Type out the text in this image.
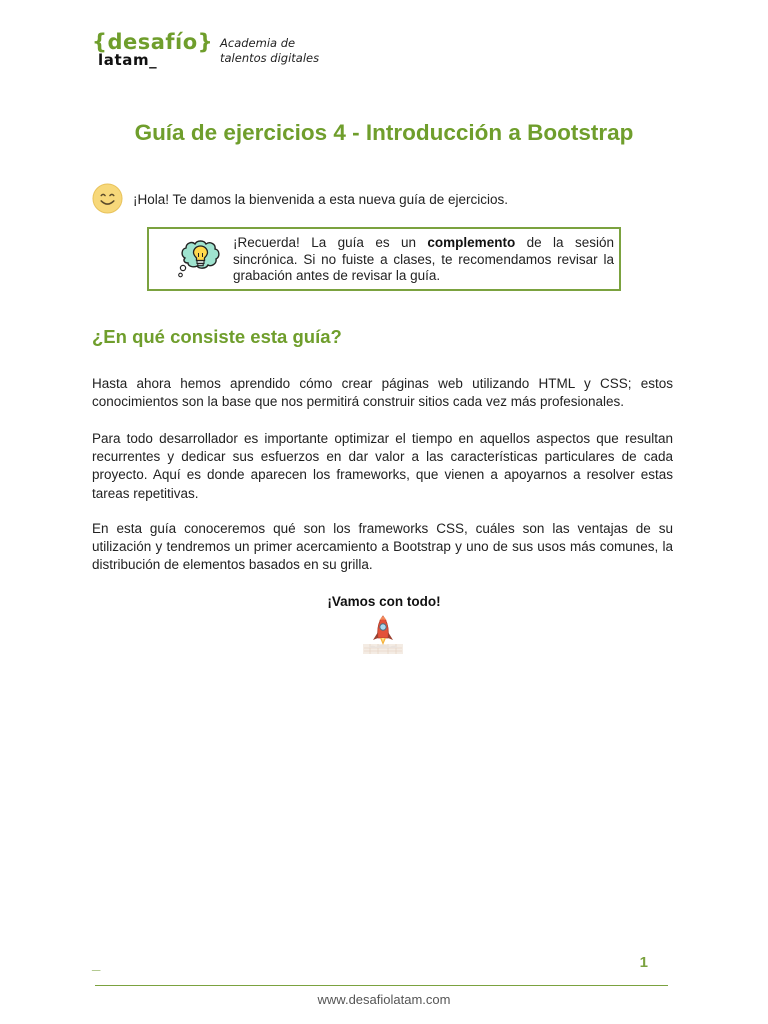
{desafío}
latam_
Academia de
talentos digitales
Guía de ejercicios 4 - Introducción a Bootstrap
¡Hola! Te damos la bienvenida a esta nueva guía de ejercicios.
¡Recuerda! La guía es un complemento de la sesión sincrónica. Si no fuiste a clases, te recomendamos revisar la grabación antes de revisar la guía.
¿En qué consiste esta guía?

Hasta ahora hemos aprendido cómo crear páginas web utilizando HTML y CSS; estos conocimientos son la base que nos permitirá construir sitios cada vez más profesionales.

Para todo desarrollador es importante optimizar el tiempo en aquellos aspectos que resultan recurrentes y dedicar sus esfuerzos en dar valor a las características particulares de cada proyecto. Aquí es donde aparecen los frameworks, que vienen a apoyarnos a resolver estas tareas repetitivas.

En esta guía conoceremos qué son los frameworks CSS, cuáles son las ventajas de su utilización y tendremos un primer acercamiento a Bootstrap y uno de sus usos más comunes, la distribución de elementos basados en su grilla.

¡Vamos con todo!
_	1
www.desafiolatam.com
